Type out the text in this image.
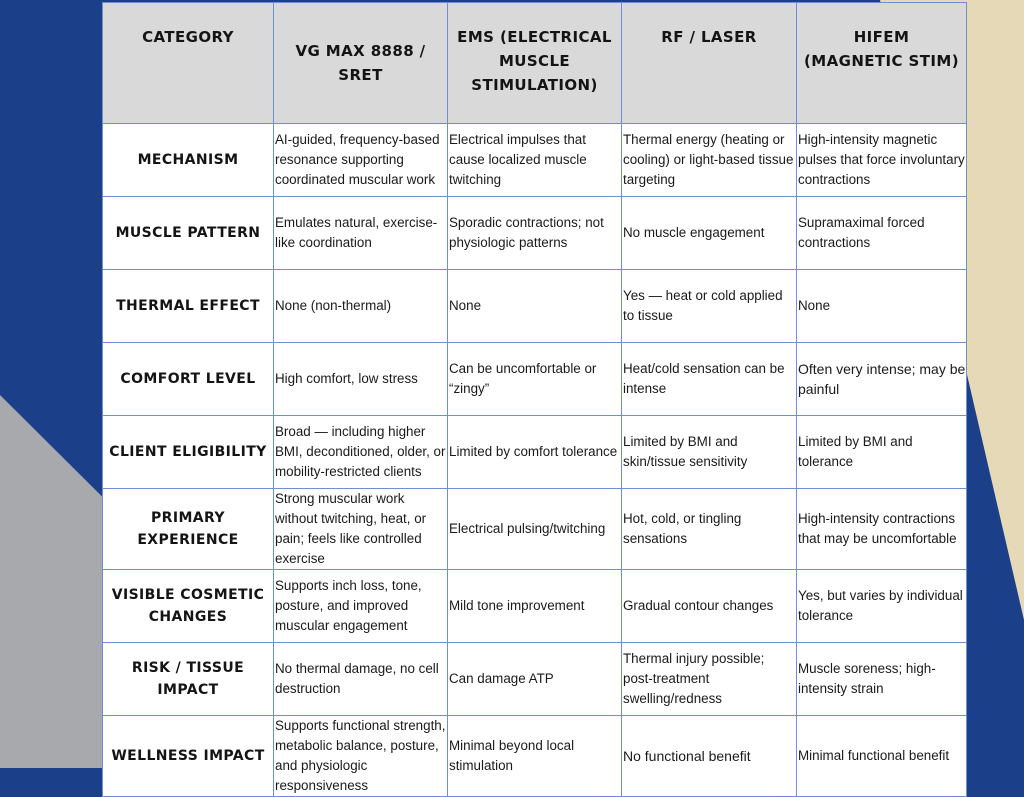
CATEGORY	VG MAX 8888 / SRET	EMS (ELECTRICAL MUSCLE STIMULATION)	RF / LASER	HIFEM (MAGNETIC STIM)
MECHANISM	AI-guided, frequency-based resonance supporting coordinated muscular work	Electrical impulses that cause localized muscle twitching	Thermal energy (heating or cooling) or light-based tissue targeting	High-intensity magnetic pulses that force involuntary contractions
MUSCLE PATTERN	Emulates natural, exercise-like coordination	Sporadic contractions; not physiologic patterns	No muscle engagement	Supramaximal forced contractions
THERMAL EFFECT	None (non-thermal)	None	Yes — heat or cold applied to tissue	None
COMFORT LEVEL	High comfort, low stress	Can be uncomfortable or “zingy”	Heat/cold sensation can be intense	Often very intense; may be painful
CLIENT ELIGIBILITY	Broad — including higher BMI, deconditioned, older, or mobility-restricted clients	Limited by comfort tolerance	Limited by BMI and skin/tissue sensitivity	Limited by BMI and tolerance
PRIMARY EXPERIENCE	Strong muscular work without twitching, heat, or pain; feels like controlled exercise	Electrical pulsing/twitching	Hot, cold, or tingling sensations	High-intensity contractions that may be uncomfortable
VISIBLE COSMETIC CHANGES	Supports inch loss, tone, posture, and improved muscular engagement	Mild tone improvement	Gradual contour changes	Yes, but varies by individual tolerance
RISK / TISSUE IMPACT	No thermal damage, no cell destruction	Can damage ATP	Thermal injury possible; post-treatment swelling/redness	Muscle soreness; high-intensity strain
WELLNESS IMPACT	Supports functional strength, metabolic balance, posture, and physiologic responsiveness	Minimal beyond local stimulation	No functional benefit	Minimal functional benefit
